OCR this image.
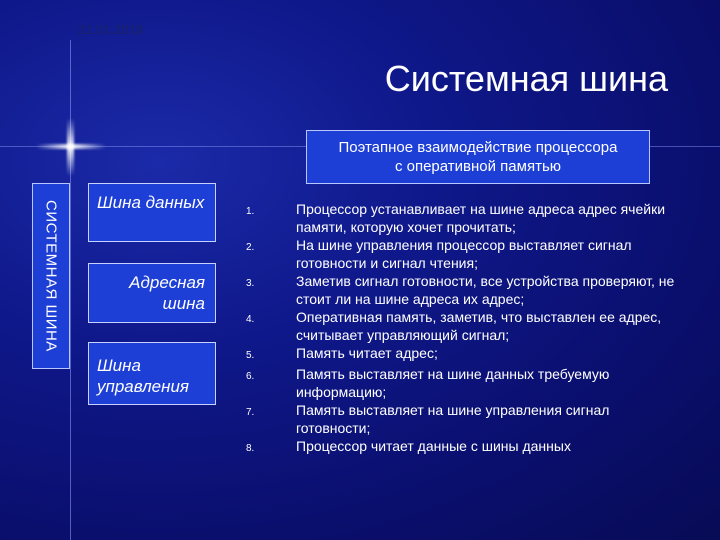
21.01.2018
Системная шина
Поэтапное взаимодействие процессора
с оперативной памятью
СИСТЕМНАЯ ШИНА	Шина данных
Адресная шина
Шина управления
1.	Процессор устанавливает на шине адреса адрес ячейки памяти, которую хочет прочитать;
2.	На шине управления процессор выставляет сигнал готовности и сигнал чтения;
3.	Заметив сигнал готовности, все устройства проверяют, не стоит ли на шине адреса их адрес;
4.	Оперативная память, заметив, что выставлен ее адрес, считывает управляющий сигнал;
5.	Память читает адрес;
6.	Память выставляет на шине данных требуемую информацию;
7.	Память выставляет на шине управления сигнал готовности;
8.	Процессор читает данные с шины данных
